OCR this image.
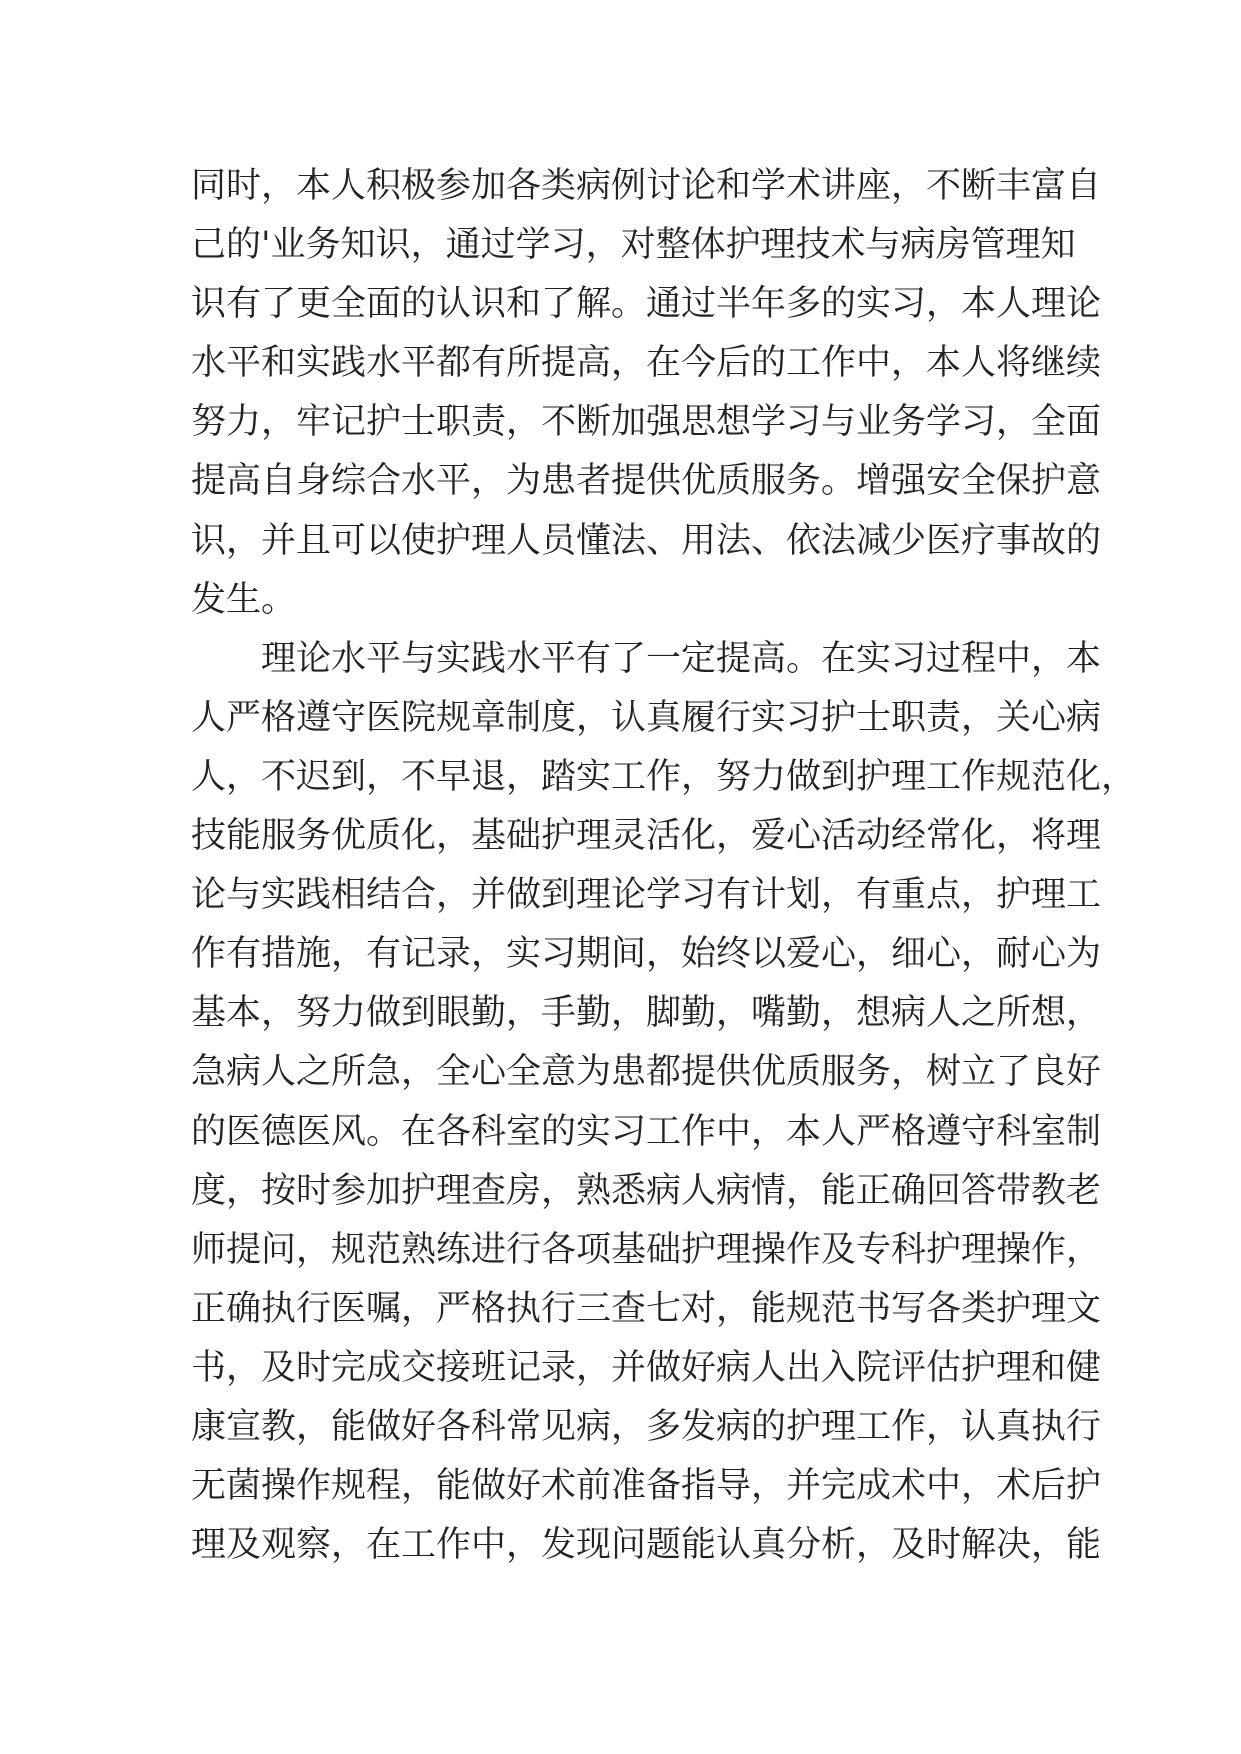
同时，本人积极参加各类病例讨论和学术讲座，不断丰富自
己的'业务知识，通过学习，对整体护理技术与病房管理知
识有了更全面的认识和了解。通过半年多的实习，本人理论
水平和实践水平都有所提高，在今后的工作中，本人将继续
努力，牢记护士职责，不断加强思想学习与业务学习，全面
提高自身综合水平，为患者提供优质服务。增强安全保护意
识，并且可以使护理人员懂法、用法、依法减少医疗事故的
发生。
理论水平与实践水平有了一定提高。在实习过程中，本
人严格遵守医院规章制度，认真履行实习护士职责，关心病
人，不迟到，不早退，踏实工作，努力做到护理工作规范化，
技能服务优质化，基础护理灵活化，爱心活动经常化，将理
论与实践相结合，并做到理论学习有计划，有重点，护理工
作有措施，有记录，实习期间，始终以爱心，细心，耐心为
基本，努力做到眼勤，手勤，脚勤，嘴勤，想病人之所想，
急病人之所急，全心全意为患都提供优质服务，树立了良好
的医德医风。在各科室的实习工作中，本人严格遵守科室制
度，按时参加护理查房，熟悉病人病情，能正确回答带教老
师提问，规范熟练进行各项基础护理操作及专科护理操作，
正确执行医嘱，严格执行三查七对，能规范书写各类护理文
书，及时完成交接班记录，并做好病人出入院评估护理和健
康宣教，能做好各科常见病，多发病的护理工作，认真执行
无菌操作规程，能做好术前准备指导，并完成术中，术后护
理及观察，在工作中，发现问题能认真分析，及时解决，能
